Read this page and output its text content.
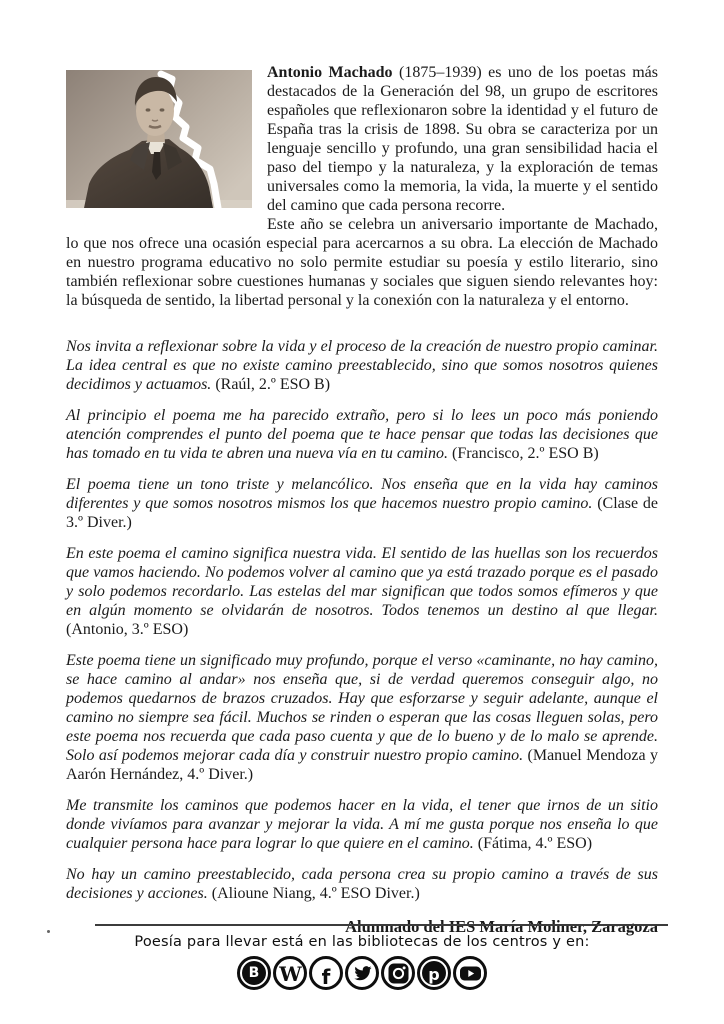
Antonio Machado (1875–1939) es uno de los poetas más destacados de la Generación del 98, un grupo de escritores españoles que reflexionaron sobre la identidad y el futuro de España tras la crisis de 1898. Su obra se caracteriza por un lenguaje sencillo y profundo, una gran sensibilidad hacia el paso del tiempo y la naturaleza, y la exploración de temas universales como la memoria, la vida, la muerte y el sentido del camino que cada persona recorre.

Este año se celebra un aniversario importante de Machado, lo que nos ofrece una ocasión especial para acercarnos a su obra. La elección de Machado en nuestro programa educativo no solo permite estudiar su poesía y estilo literario, sino también reflexionar sobre cuestiones humanas y sociales que siguen siendo relevantes hoy: la búsqueda de sentido, la libertad personal y la conexión con la naturaleza y el entorno.

Nos invita a reflexionar sobre la vida y el proceso de la creación de nuestro propio caminar. La idea central es que no existe camino preestablecido, sino que somos nosotros quienes decidimos y actuamos. (Raúl, 2.º ESO B)

Al principio el poema me ha parecido extraño, pero si lo lees un poco más poniendo atención comprendes el punto del poema que te hace pensar que todas las decisiones que has tomado en tu vida te abren una nueva vía en tu camino. (Francisco, 2.º ESO B)

El poema tiene un tono triste y melancólico. Nos enseña que en la vida hay caminos diferentes y que somos nosotros mismos los que hacemos nuestro propio camino. (Clase de 3.º Diver.)

En este poema el camino significa nuestra vida. El sentido de las huellas son los recuerdos que vamos haciendo. No podemos volver al camino que ya está trazado porque es el pasado y solo podemos recordarlo. Las estelas del mar significan que todos somos efímeros y que en algún momento se olvidarán de nosotros. Todos tenemos un destino al que llegar. (Antonio, 3.º ESO)

Este poema tiene un significado muy profundo, porque el verso «caminante, no hay camino, se hace camino al andar» nos enseña que, si de verdad queremos conseguir algo, no podemos quedarnos de brazos cruzados. Hay que esforzarse y seguir adelante, aunque el camino no siempre sea fácil. Muchos se rinden o esperan que las cosas lleguen solas, pero este poema nos recuerda que cada paso cuenta y que de lo bueno y de lo malo se aprende. Solo así podemos mejorar cada día y construir nuestro propio camino. (Manuel Mendoza y Aarón Hernández, 4.º Diver.)

Me transmite los caminos que podemos hacer en la vida, el tener que irnos de un sitio donde vivíamos para avanzar y mejorar la vida. A mí me gusta porque nos enseña lo que cualquier persona hace para lograr lo que quiere en el camino. (Fátima, 4.º ESO)

No hay un camino preestablecido, cada persona crea su propio camino a través de sus decisiones y acciones. (Alioune Niang, 4.º ESO Diver.)

Alumnado del IES María Moliner, Zaragoza

Poesía para llevar está en las bibliotecas de los centros y en:
B W f	p
